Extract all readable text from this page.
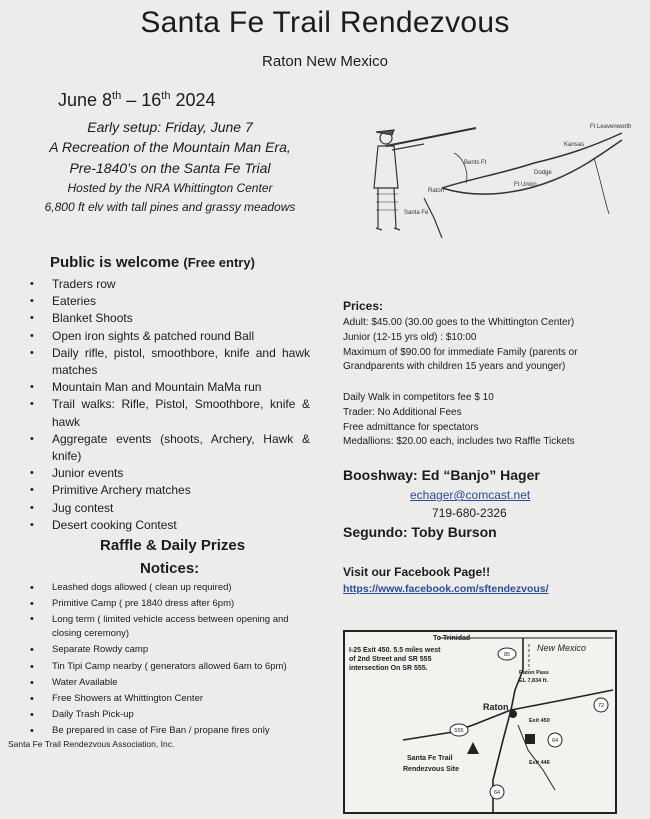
Santa Fe Trail Rendezvous
Raton New Mexico
June 8th – 16th 2024
Early setup: Friday, June 7
A Recreation of the Mountain Man Era,
Pre-1840’s on the Santa Fe Trial
Hosted by the NRA Whittington Center
6,800 ft elv with tall pines and grassy meadows
Ft Leavenworth
Kansas
Bents Ft
Raton
Santa Fe
Ft Union
Dodge
Public is welcome (Free entry)
• Traders row
• Eateries
• Blanket Shoots
• Open iron sights & patched round Ball
• Daily rifle, pistol, smoothbore, knife and hawk matches
• Mountain Man and Mountain MaMa run
• Trail walks: Rifle, Pistol, Smoothbore, knife & hawk
• Aggregate events (shoots, Archery, Hawk & knife)
• Junior events
• Primitive Archery matches
• Jug contest
• Desert cooking Contest
Raffle & Daily Prizes
Notices:
• Leashed dogs allowed ( clean up required)
• Primitive Camp ( pre 1840 dress after 6pm)
• Long term ( limited vehicle access between opening and closing ceremony)
• Separate Rowdy camp
• Tin Tipi Camp nearby ( generators allowed 6am to 6pm)
• Water Available
• Free Showers at Whittington Center
• Daily Trash Pick-up
• Be prepared in case of Fire Ban / propane fires only
Santa Fe Trail Rendezvous Association, Inc.
Prices:
Adult: $45.00 (30.00 goes to the Whittington Center)
Junior (12-15 yrs old) : $10:00
Maximum of $90.00 for immediate Family (parents or
Grandparents with children 15 years and younger)
Daily Walk in competitors fee $ 10
Trader: No Additional Fees
Free admittance for spectators
Medallions: $20.00 each, includes two Raffle Tickets
Booshway: Ed “Banjo” Hager
echager@comcast.net
719-680-2326
Segundo: Toby Burson
Visit our Facebook Page!!
https://www.facebook.com/sftendezvous/
To Trinidad
I-25 Exit 450. 5.5 miles west
of 2nd Street and SR 555
intersection On SR 555.
Raton
Exit 450
Exit 446
Raton Pass
EL 7,834 ft.
Santa Fe Trail
Rendezvous Site
New Mexico
85
72
555
64
64
